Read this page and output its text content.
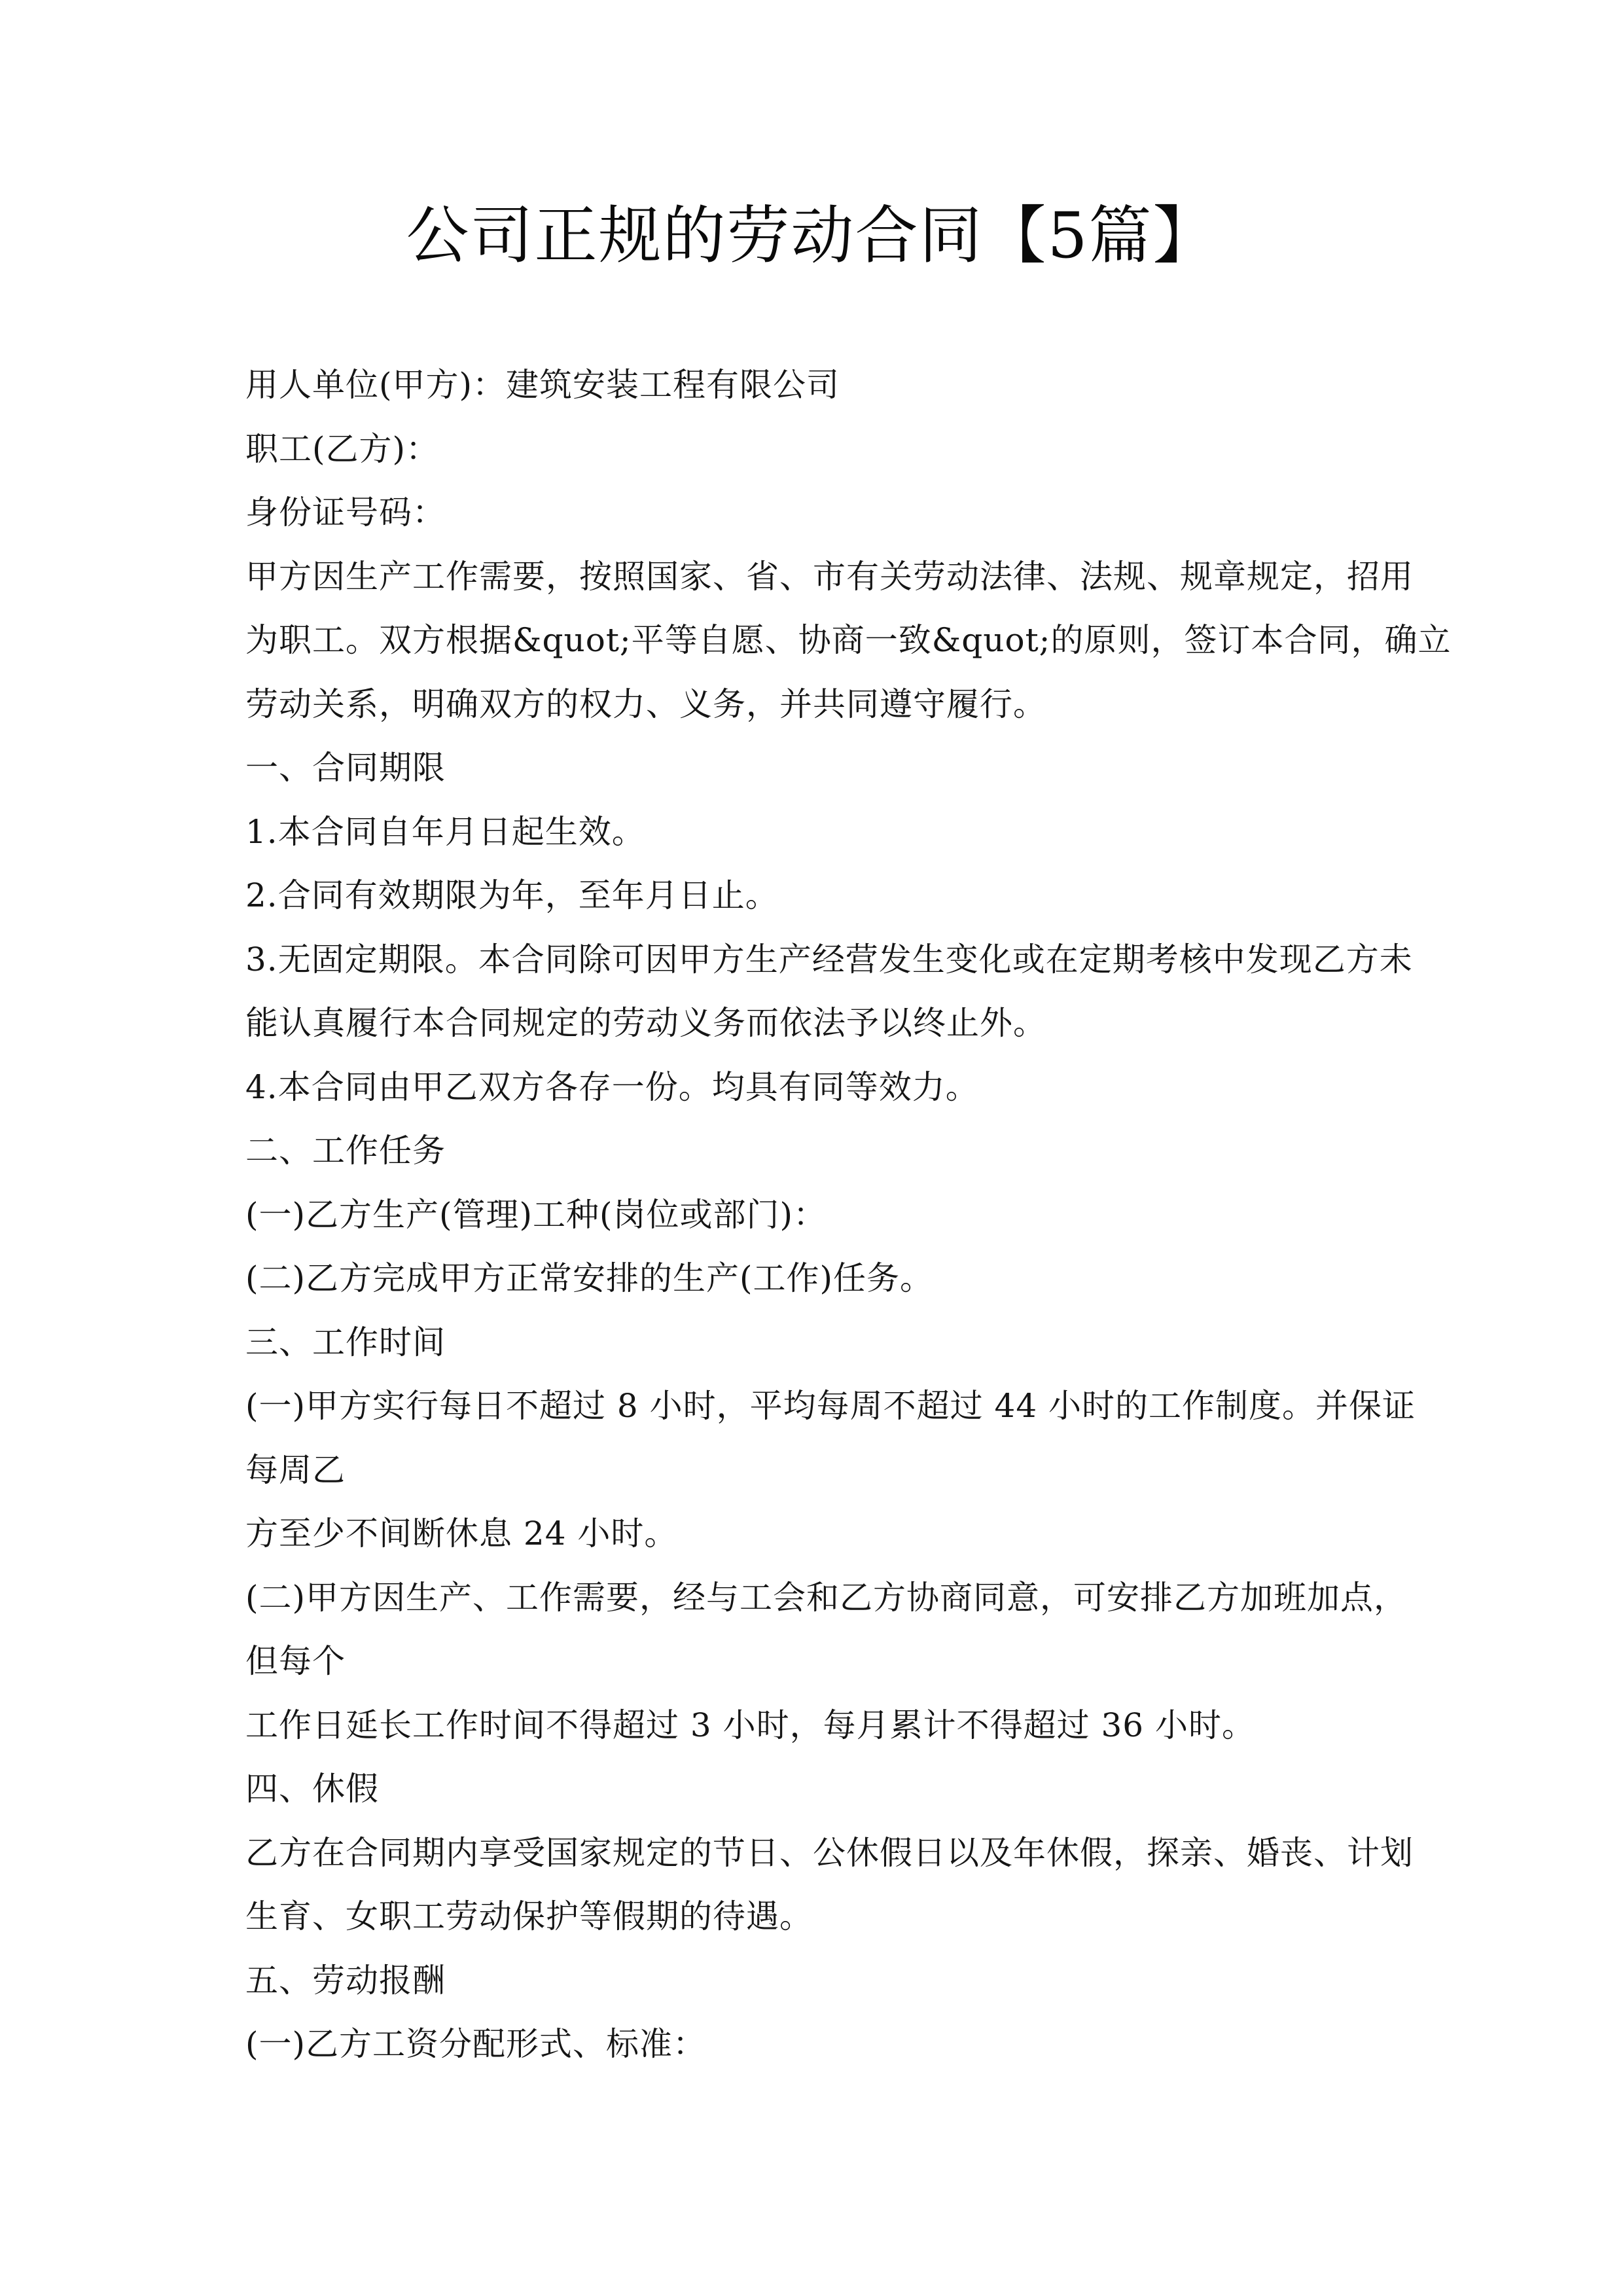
公司正规的劳动合同【5篇】
用人单位(甲方)：建筑安装工程有限公司
职工(乙方)：
身份证号码：
甲方因生产工作需要，按照国家、省、市有关劳动法律、法规、规章规定，招用
为职工。双方根据&quot;平等自愿、协商一致&quot;的原则，签订本合同，确立
劳动关系，明确双方的权力、义务，并共同遵守履行。
一、合同期限
1.本合同自年月日起生效。
2.合同有效期限为年，至年月日止。
3.无固定期限。本合同除可因甲方生产经营发生变化或在定期考核中发现乙方未
能认真履行本合同规定的劳动义务而依法予以终止外。
4.本合同由甲乙双方各存一份。均具有同等效力。
二、工作任务
(一)乙方生产(管理)工种(岗位或部门)：
(二)乙方完成甲方正常安排的生产(工作)任务。
三、工作时间
(一)甲方实行每日不超过 8 小时，平均每周不超过 44 小时的工作制度。并保证
每周乙
方至少不间断休息 24 小时。
(二)甲方因生产、工作需要，经与工会和乙方协商同意，可安排乙方加班加点，
但每个
工作日延长工作时间不得超过 3 小时，每月累计不得超过 36 小时。
四、休假
乙方在合同期内享受国家规定的节日、公休假日以及年休假，探亲、婚丧、计划
生育、女职工劳动保护等假期的待遇。
五、劳动报酬
(一)乙方工资分配形式、标准：
